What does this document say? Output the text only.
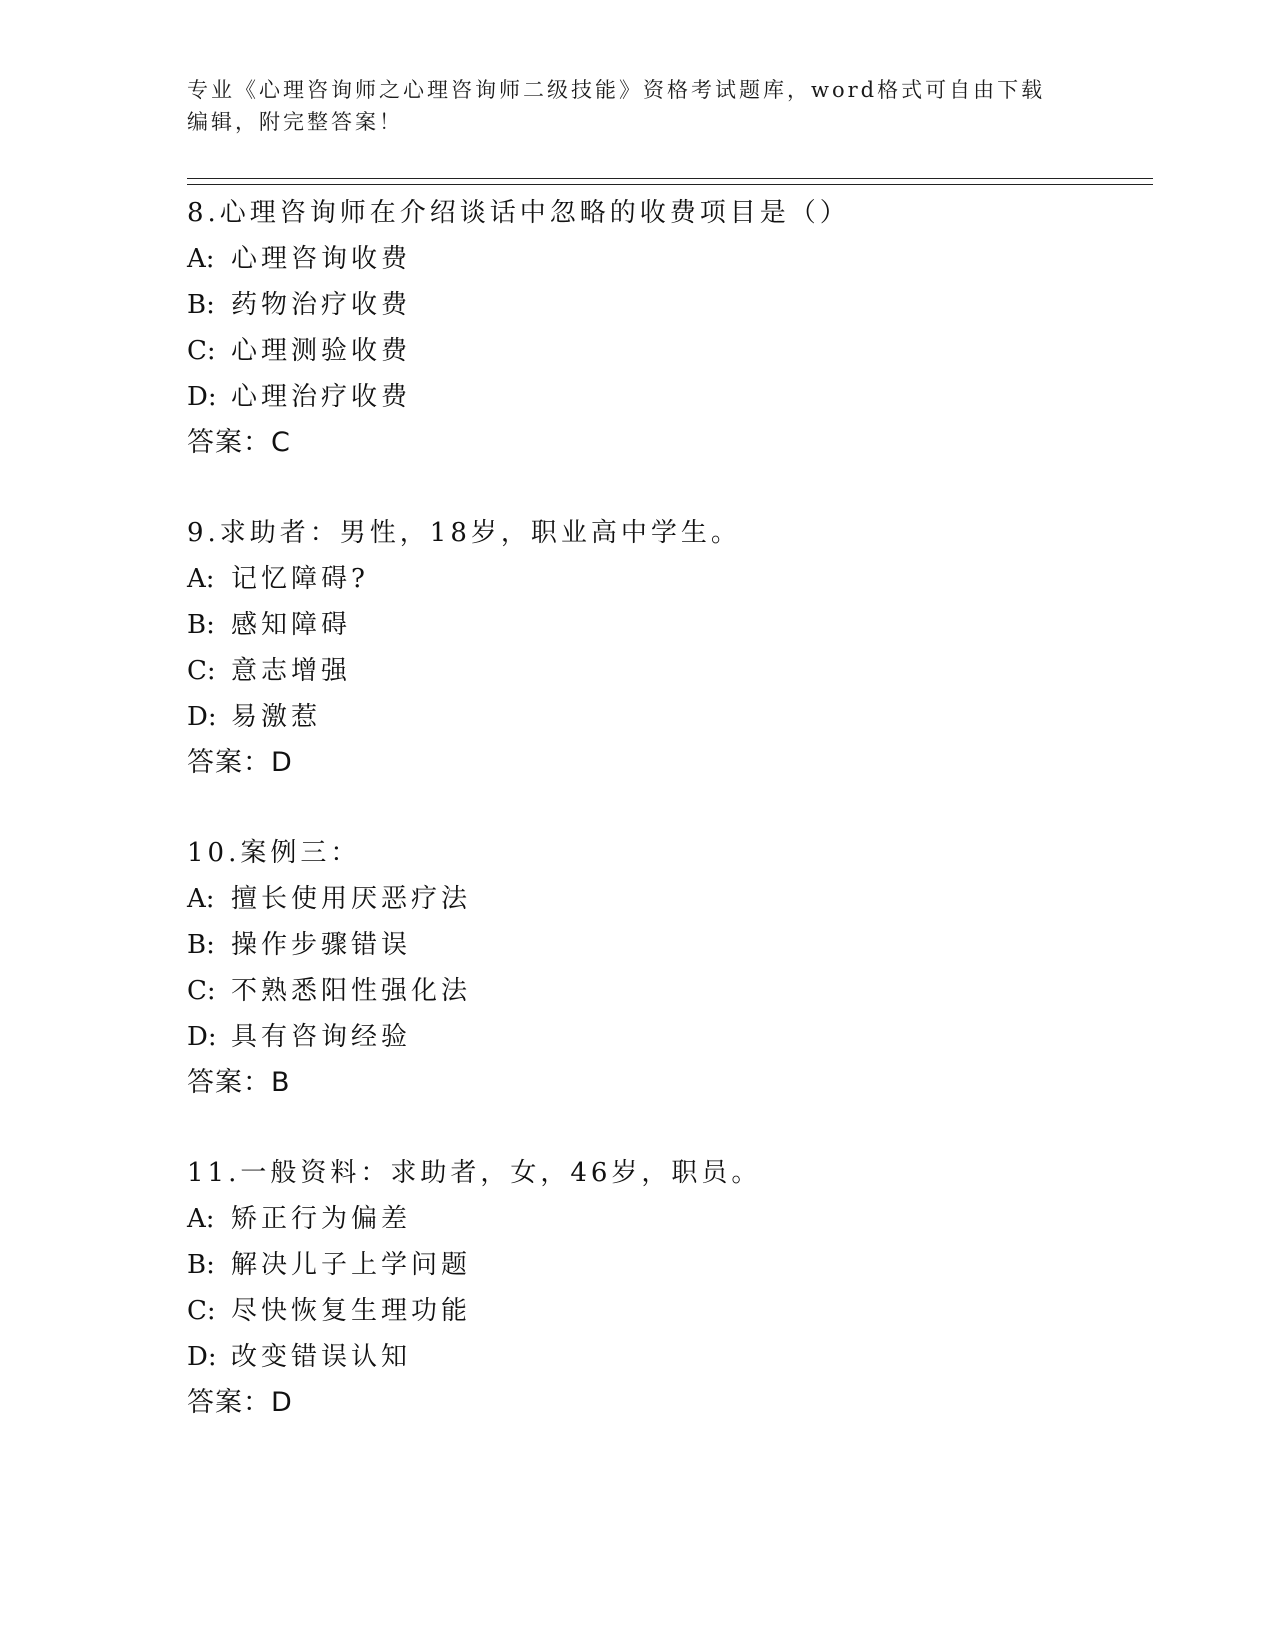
专业《心理咨询师之心理咨询师二级技能》资格考试题库，word格式可自由下载
编辑，附完整答案！
8.心理咨询师在介绍谈话中忽略的收费项目是（）
A: 心理咨询收费
B: 药物治疗收费
C: 心理测验收费
D: 心理治疗收费
答案：C
9.求助者：男性，18岁，职业高中学生。
A: 记忆障碍?
B: 感知障碍
C: 意志增强
D: 易激惹
答案：D
10.案例三：
A: 擅长使用厌恶疗法
B: 操作步骤错误
C: 不熟悉阳性强化法
D: 具有咨询经验
答案：B
11.一般资料：求助者，女，46岁，职员。
A: 矫正行为偏差
B: 解决儿子上学问题
C: 尽快恢复生理功能
D: 改变错误认知
答案：D
